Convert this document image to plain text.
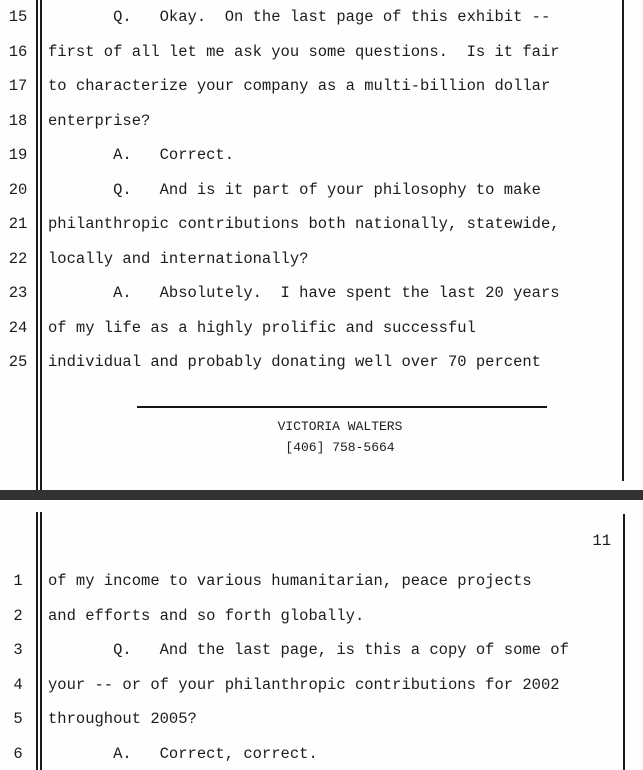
15	Q.   Okay.  On the last page of this exhibit --
16	first of all let me ask you some questions.  Is it fair
17	to characterize your company as a multi-billion dollar
18	enterprise?
19	A.   Correct.
20	Q.   And is it part of your philosophy to make
21	philanthropic contributions both nationally, statewide,
22	locally and internationally?
23	A.   Absolutely.  I have spent the last 20 years
24	of my life as a highly prolific and successful
25	individual and probably donating well over 70 percent
VICTORIA WALTERS
[406] 758-5664
11
1	of my income to various humanitarian, peace projects
2	and efforts and so forth globally.
3	Q.   And the last page, is this a copy of some of
4	your -- or of your philanthropic contributions for 2002
5	throughout 2005?
6	A.   Correct, correct.
